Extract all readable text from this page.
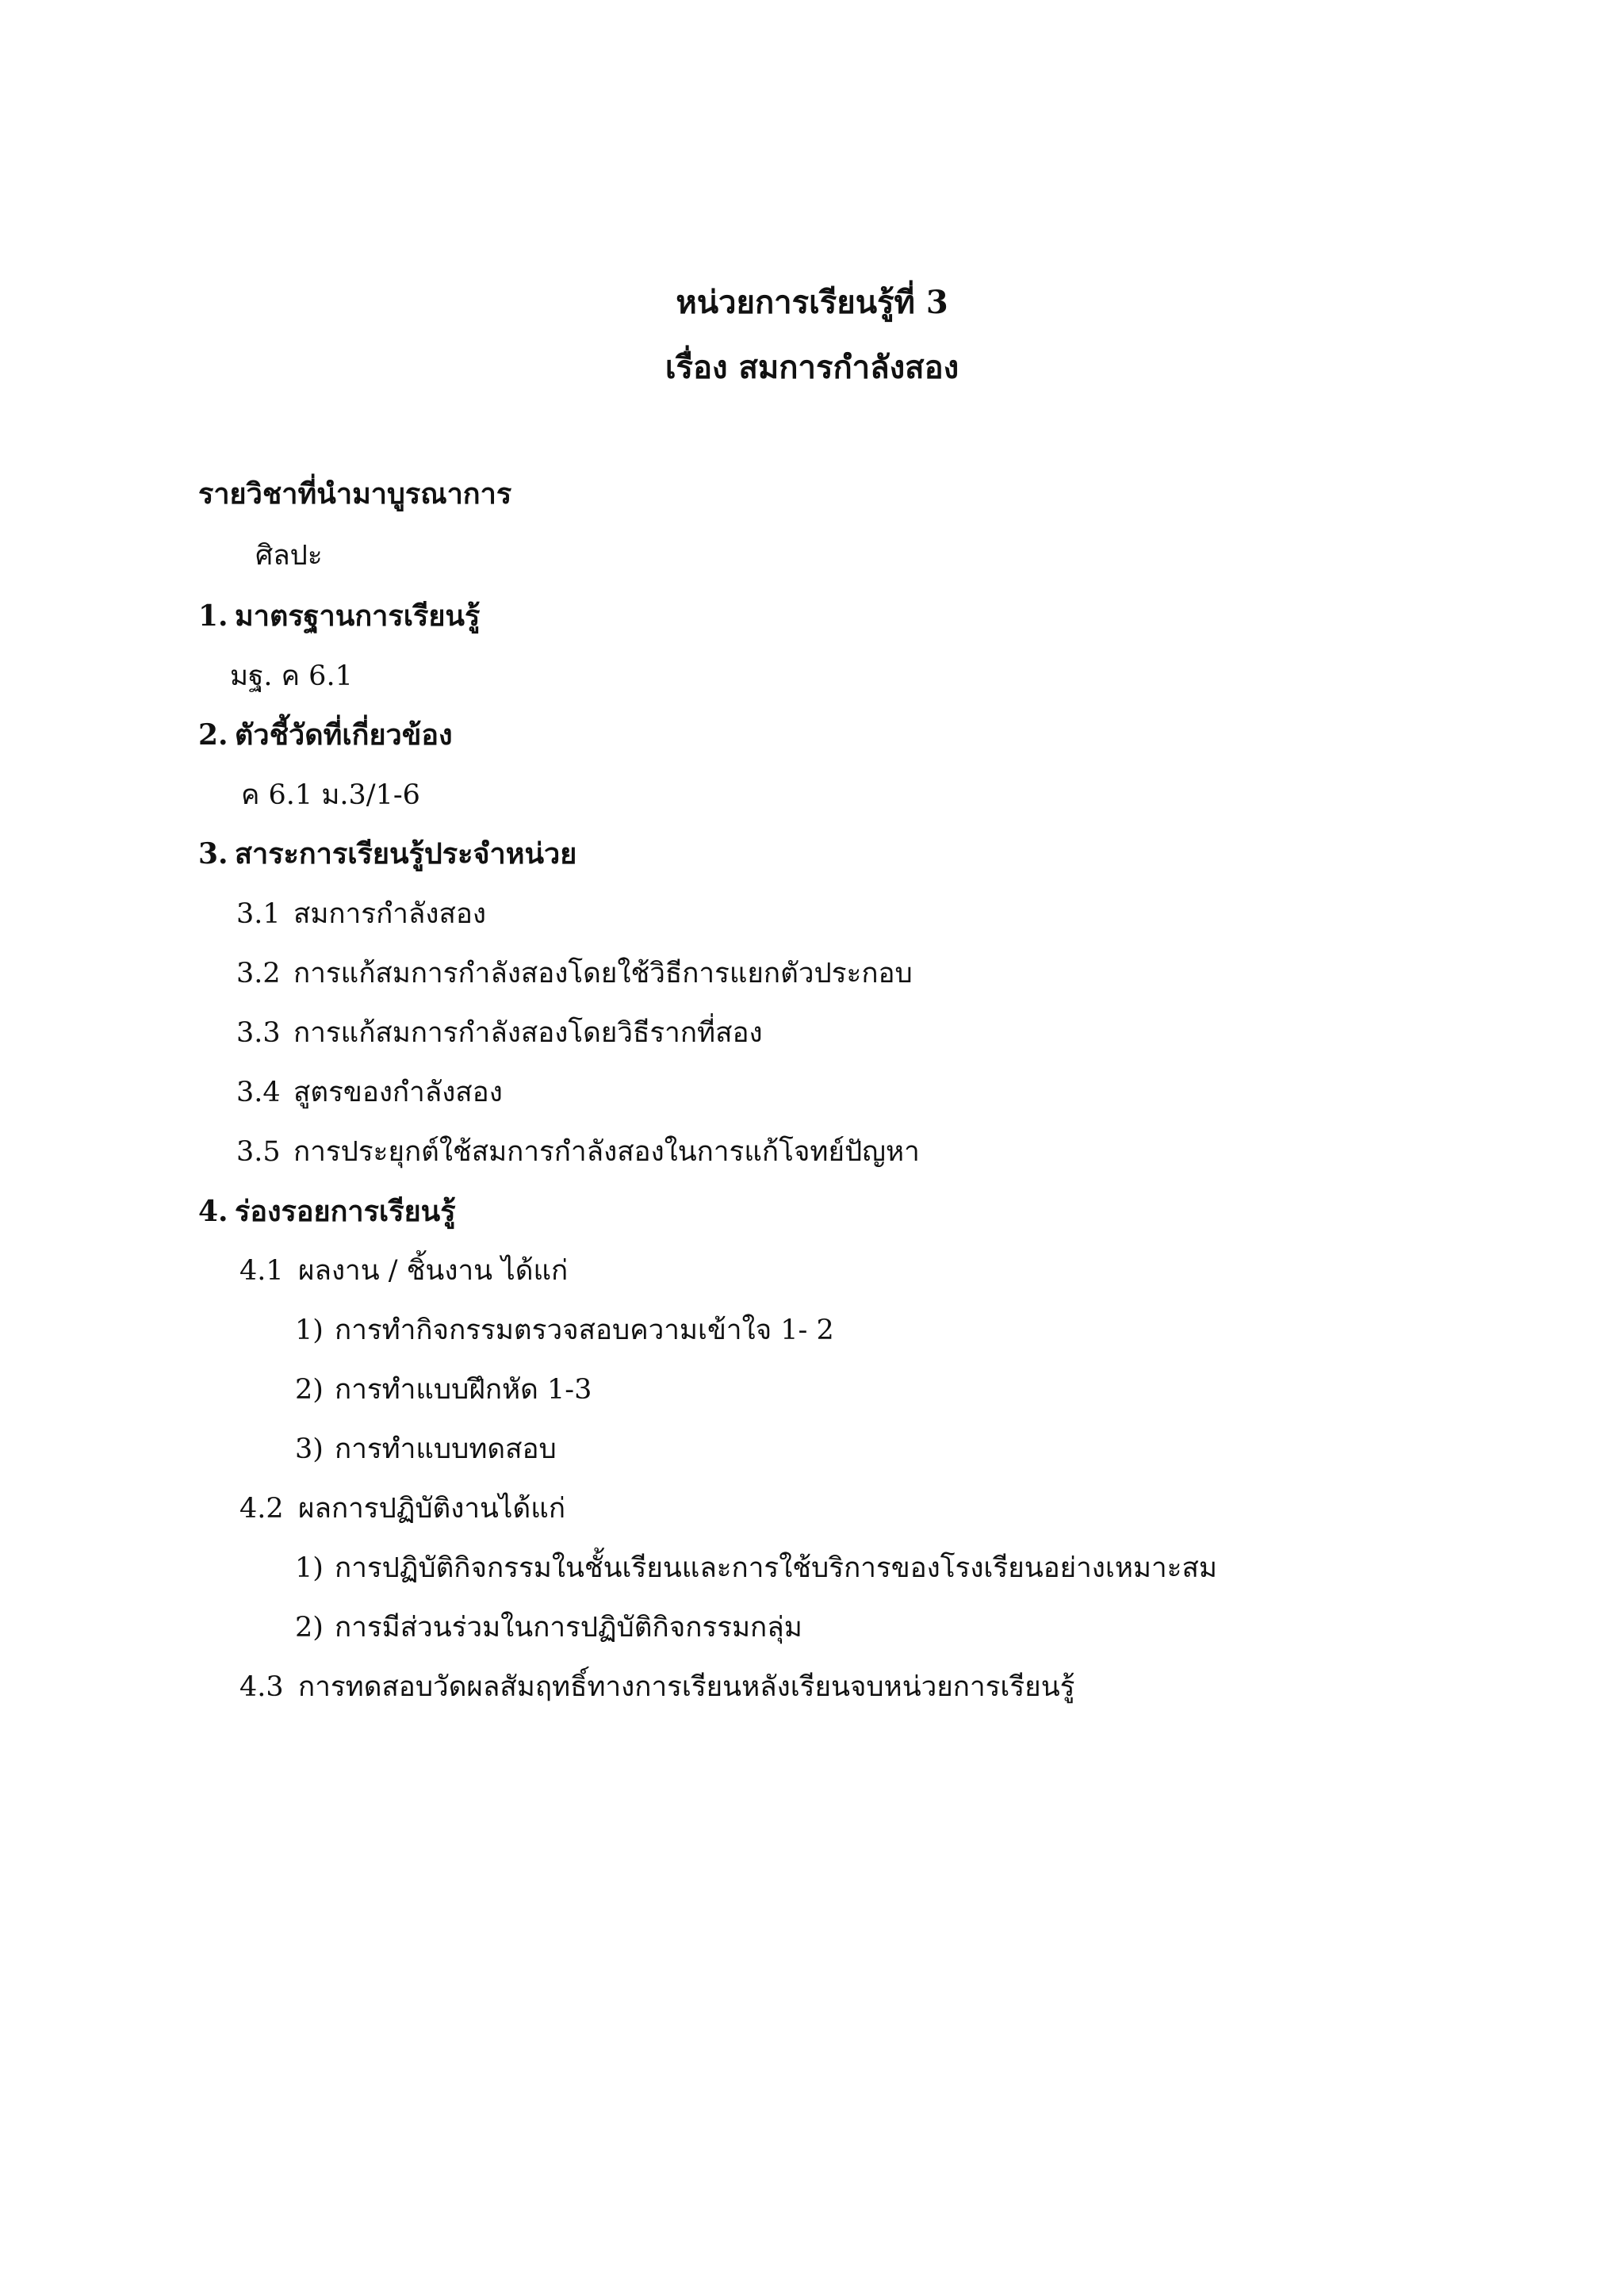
หน่วยการเรียนรู้ที่ 3
เรื่อง สมการกำลังสอง
รายวิชาที่นำมาบูรณาการ
ศิลปะ
1. มาตรฐานการเรียนรู้
มฐ. ค 6.1
2. ตัวชี้วัดที่เกี่ยวข้อง
ค 6.1 ม.3/1-6
3. สาระการเรียนรู้ประจำหน่วย
3.1 สมการกำลังสอง
3.2 การแก้สมการกำลังสองโดยใช้วิธีการแยกตัวประกอบ
3.3 การแก้สมการกำลังสองโดยวิธีรากที่สอง
3.4 สูตรของกำลังสอง
3.5 การประยุกต์ใช้สมการกำลังสองในการแก้โจทย์ปัญหา
4. ร่องรอยการเรียนรู้
4.1 ผลงาน / ชิ้นงาน ได้แก่
1) การทำกิจกรรมตรวจสอบความเข้าใจ 1- 2
2) การทำแบบฝึกหัด 1-3
3) การทำแบบทดสอบ
4.2 ผลการปฏิบัติงานได้แก่
1) การปฏิบัติกิจกรรมในชั้นเรียนและการใช้บริการของโรงเรียนอย่างเหมาะสม
2) การมีส่วนร่วมในการปฏิบัติกิจกรรมกลุ่ม
4.3 การทดสอบวัดผลสัมฤทธิ์ทางการเรียนหลังเรียนจบหน่วยการเรียนรู้
